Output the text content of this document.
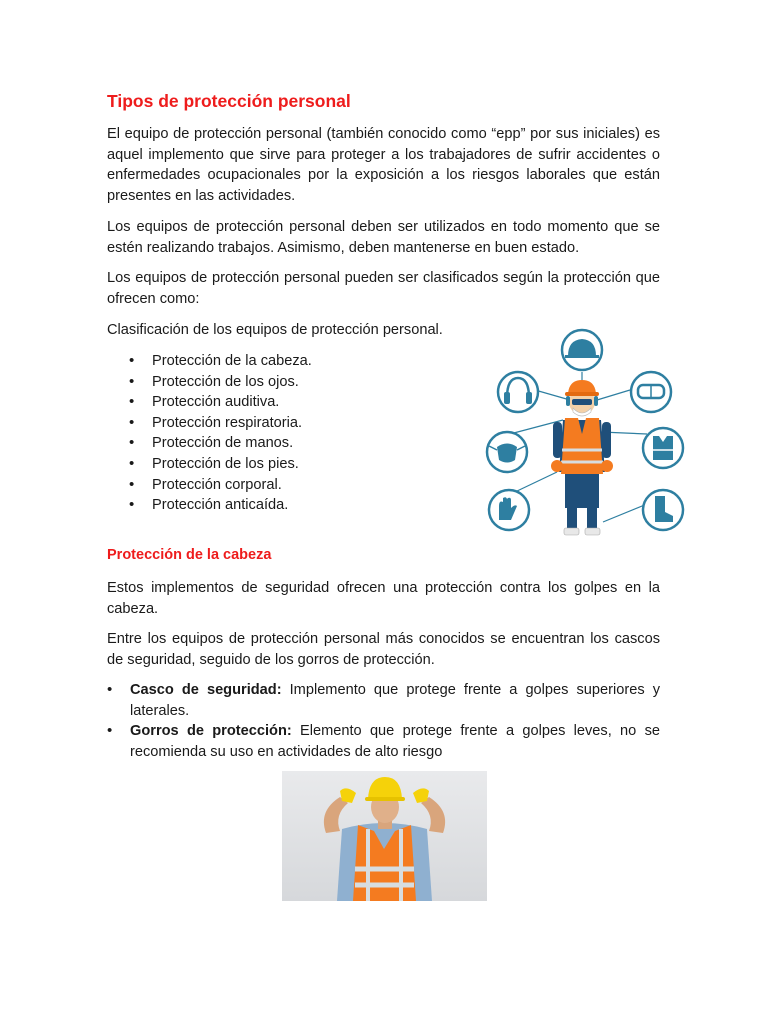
Tipos de protección personal

El equipo de protección personal (también conocido como “epp” por sus iniciales) es aquel implemento que sirve para proteger a los trabajadores de sufrir accidentes o enfermedades ocupacionales por la exposición a los riesgos laborales que están presentes en las actividades.

Los equipos de protección personal deben ser utilizados en todo momento que se estén realizando trabajos. Asimismo, deben mantenerse en buen estado.

Los equipos de protección personal pueden ser clasificados según la protección que ofrecen como:

Clasificación de los equipos de protección personal.

• Protección de la cabeza.
• Protección de los ojos.
• Protección auditiva.
• Protección respiratoria.
• Protección de manos.
• Protección de los pies.
• Protección corporal.
• Protección anticaída.
Protección de la cabeza

Estos implementos de seguridad ofrecen una protección contra los golpes en la cabeza.

Entre los equipos de protección personal más conocidos se encuentran los cascos de seguridad, seguido de los gorros de protección.

• Casco de seguridad: Implemento que protege frente a golpes superiores y laterales.
• Gorros de protección: Elemento que protege frente a golpes leves, no se recomienda su uso en actividades de alto riesgo
